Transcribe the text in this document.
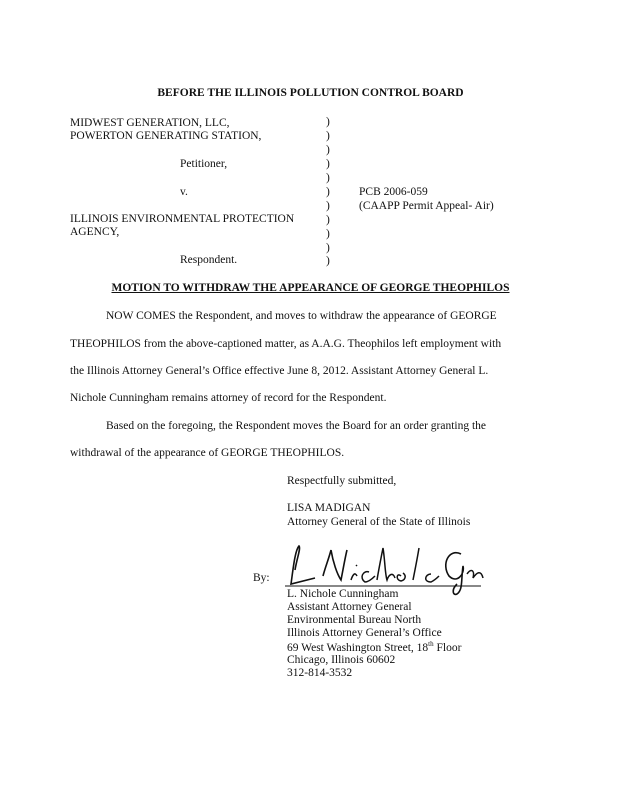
BEFORE THE ILLINOIS POLLUTION CONTROL BOARD
MIDWEST GENERATION, LLC,
POWERTON GENERATING STATION,
Petitioner,
v.
ILLINOIS ENVIRONMENTAL PROTECTION
AGENCY,
Respondent.
)
)
)
)
)
)
)
)
)
)
)
PCB 2006-059
(CAAPP Permit Appeal- Air)
MOTION TO WITHDRAW THE APPEARANCE OF GEORGE THEOPHILOS
NOW COMES the Respondent, and moves to withdraw the appearance of GEORGE
THEOPHILOS from the above-captioned matter, as A.A.G. Theophilos left employment with
the Illinois Attorney General’s Office effective June 8, 2012. Assistant Attorney General L.
Nichole Cunningham remains attorney of record for the Respondent.
Based on the foregoing, the Respondent moves the Board for an order granting the
withdrawal of the appearance of GEORGE THEOPHILOS.
Respectfully submitted,
LISA MADIGAN
Attorney General of the State of Illinois
By:
L. Nichole Cunningham
Assistant Attorney General
Environmental Bureau North
Illinois Attorney General’s Office
69 West Washington Street, 18th Floor
Chicago, Illinois 60602
312-814-3532
